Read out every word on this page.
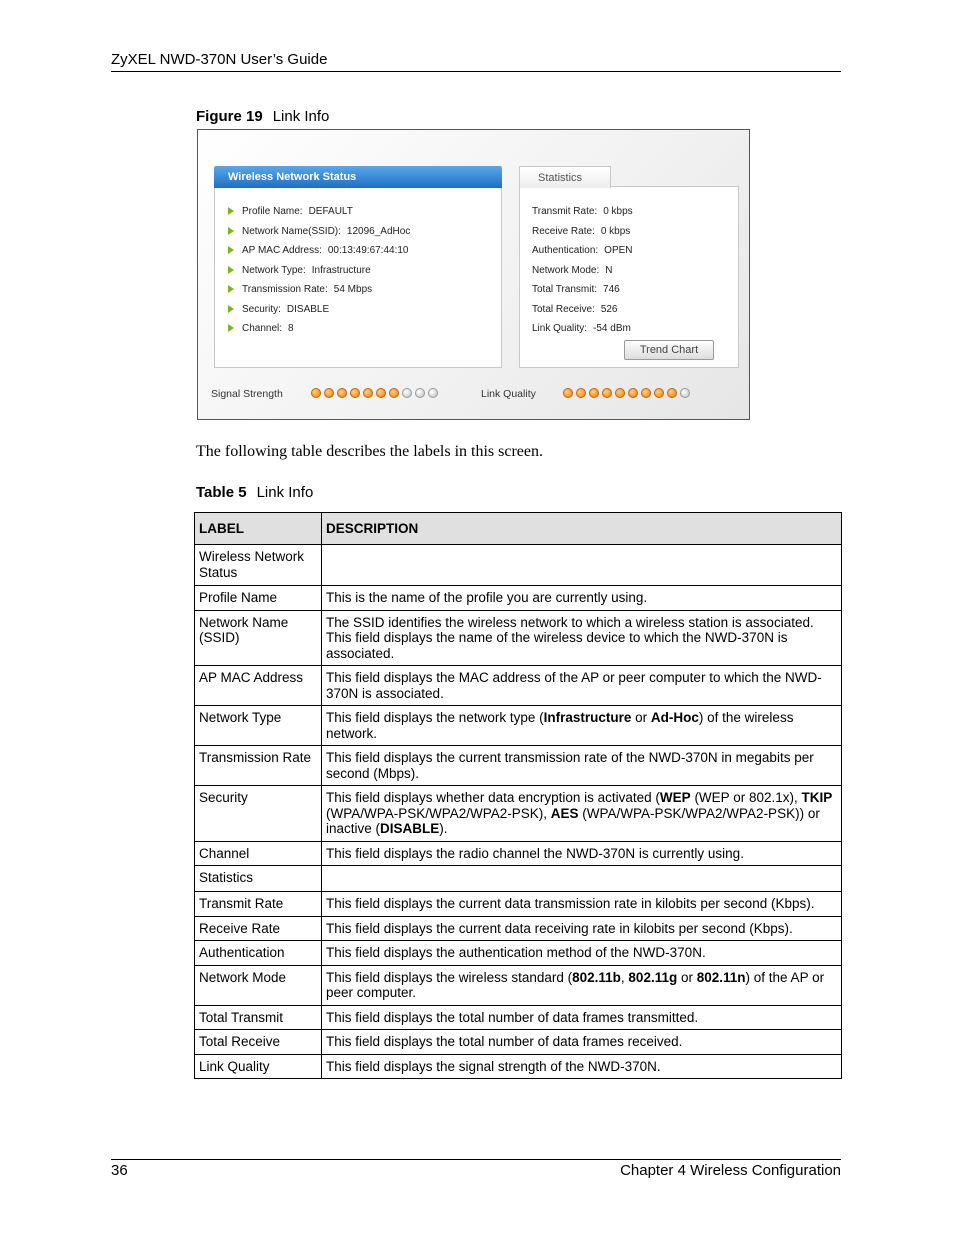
ZyXEL NWD-370N User’s Guide
Figure 19 Link Info
Wireless Network Status	Statistics
Profile Name: DEFAULT
Network Name(SSID): 12096_AdHoc
AP MAC Address: 00:13:49:67:44:10
Network Type: Infrastructure
Transmission Rate: 54 Mbps
Security: DISABLE
Channel: 8
Transmit Rate: 0 kbps
Receive Rate: 0 kbps
Authentication: OPEN
Network Mode: N
Total Transmit: 746
Total Receive: 526
Link Quality: -54 dBm
Trend Chart
Signal Strength	Link Quality
The following table describes the labels in this screen.
Table 5 Link Info
LABEL	DESCRIPTION
Wireless Network Status	
Profile Name	This is the name of the profile you are currently using.
Network Name (SSID)	The SSID identifies the wireless network to which a wireless station is associated. This field displays the name of the wireless device to which the NWD-370N is associated.
AP MAC Address	This field displays the MAC address of the AP or peer computer to which the NWD-370N is associated.
Network Type	This field displays the network type (Infrastructure or Ad-Hoc) of the wireless network.
Transmission Rate	This field displays the current transmission rate of the NWD-370N in megabits per second (Mbps).
Security	This field displays whether data encryption is activated (WEP (WEP or 802.1x), TKIP (WPA/WPA-PSK/WPA2/WPA2-PSK), AES (WPA/WPA-PSK/WPA2/WPA2-PSK)) or inactive (DISABLE).
Channel	This field displays the radio channel the NWD-370N is currently using.
Statistics	
Transmit Rate	This field displays the current data transmission rate in kilobits per second (Kbps).
Receive Rate	This field displays the current data receiving rate in kilobits per second (Kbps).
Authentication	This field displays the authentication method of the NWD-370N.
Network Mode	This field displays the wireless standard (802.11b, 802.11g or 802.11n) of the AP or peer computer.
Total Transmit	This field displays the total number of data frames transmitted.
Total Receive	This field displays the total number of data frames received.
Link Quality	This field displays the signal strength of the NWD-370N.
36	Chapter 4 Wireless Configuration
